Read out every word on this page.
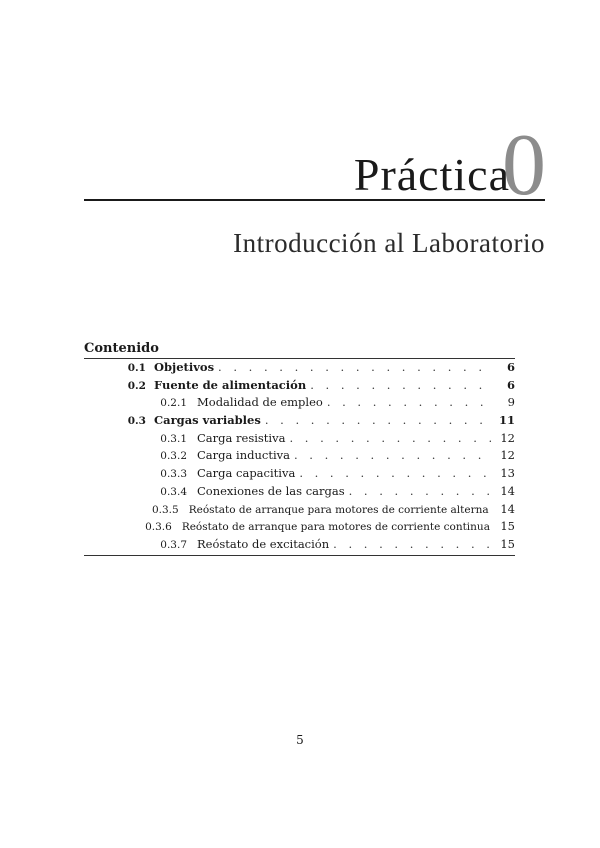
0
Práctica
Introducción al Laboratorio
Contenido
0.1 Objetivos . . .	6
0.2 Fuente de alimentación . . .	6
0.2.1 Modalidad de empleo . . .	9
0.3 Cargas variables . . .	11
0.3.1 Carga resistiva . . .	12
0.3.2 Carga inductiva . . .	12
0.3.3 Carga capacitiva . . .	13
0.3.4 Conexiones de las cargas . . .	14
0.3.5 Reóstato de arranque para motores de corriente alterna	14
0.3.6 Reóstato de arranque para motores de corriente continua 15
0.3.7 Reóstato de excitación . . .	15
5
